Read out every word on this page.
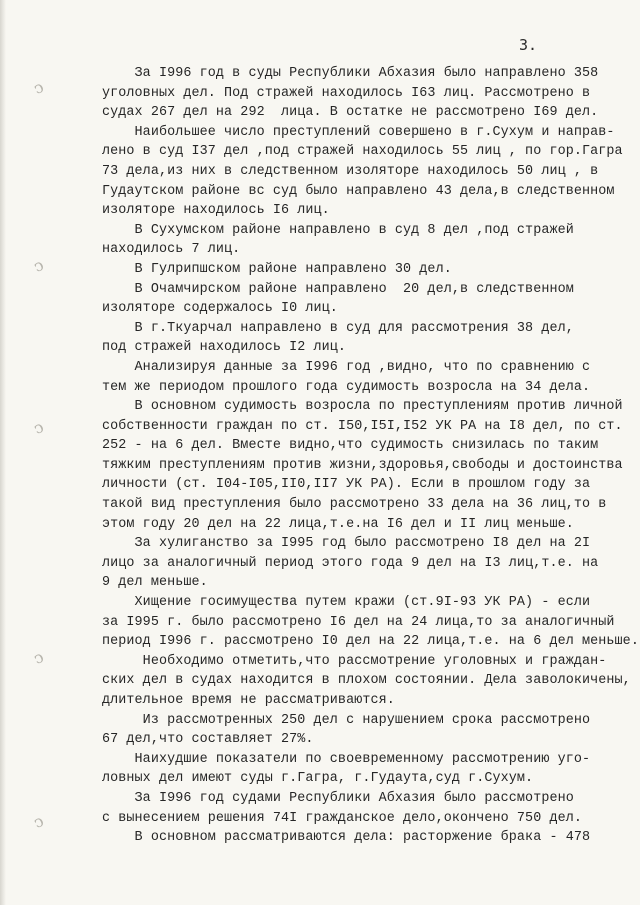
ↄ
ↄ
ↄ
ↄ
ↄ
3.
За I996 год в суды Республики Абхазия было направлено 358
уголовных дел. Под стражей находилось I63 лиц. Рассмотрено в
судах 267 дел на 292  лица. В остатке не рассмотрено I69 дел.
Наибольшее число преступлений совершено в г.Сухум и направ-
лено в суд I37 дел ,под стражей находилось 55 лиц , по гор.Гагра
73 дела,из них в следственном изоляторе находилось 50 лиц , в
Гудаутском районе вс суд было направлено 43 дела,в следственном
изоляторе находилось I6 лиц.
В Сухумском районе направлено в суд 8 дел ,под стражей
находилось 7 лиц.
В Гулрипшском районе направлено 30 дел.
В Очамчирском районе направлено  20 дел,в следственном
изоляторе содержалось I0 лиц.
В г.Ткуарчал направлено в суд для рассмотрения 38 дел,
под стражей находилось I2 лиц.
Анализируя данные за I996 год ,видно, что по сравнению с
тем же периодом прошлого года судимость возросла на 34 дела.
В основном судимость возросла по преступлениям против личной
собственности граждан по ст. I50,I5I,I52 УК РА на I8 дел, по ст.
252 - на 6 дел. Вместе видно,что судимость снизилась по таким
тяжким преступлениям против жизни,здоровья,свободы и достоинства
личности (ст. I04-I05,II0,II7 УК РА). Если в прошлом году за
такой вид преступления было рассмотрено 33 дела на 36 лиц,то в
этом году 20 дел на 22 лица,т.е.на I6 дел и II лиц меньше.
За хулиганство за I995 год было рассмотрено I8 дел на 2I
лицо за аналогичный период этого года 9 дел на I3 лиц,т.е. на
9 дел меньше.
Хищение госимущества путем кражи (ст.9I-93 УК РА) - если
за I995 г. было рассмотрено I6 дел на 24 лица,то за аналогичный
период I996 г. рассмотрено I0 дел на 22 лица,т.е. на 6 дел меньше.
Необходимо отметить,что рассмотрение уголовных и граждан-
ских дел в судах находится в плохом состоянии. Дела заволокичены,
длительное время не рассматриваются.
Из рассмотренных 250 дел с нарушением срока рассмотрено
67 дел,что составляет 27%.
Наихудшие показатели по своевременному рассмотрению уго-
ловных дел имеют суды г.Гагра, г.Гудаута,суд г.Сухум.
За I996 год судами Республики Абхазия было рассмотрено
с вынесением решения 74I гражданское дело,окончено 750 дел.
В основном рассматриваются дела: расторжение брака - 478
